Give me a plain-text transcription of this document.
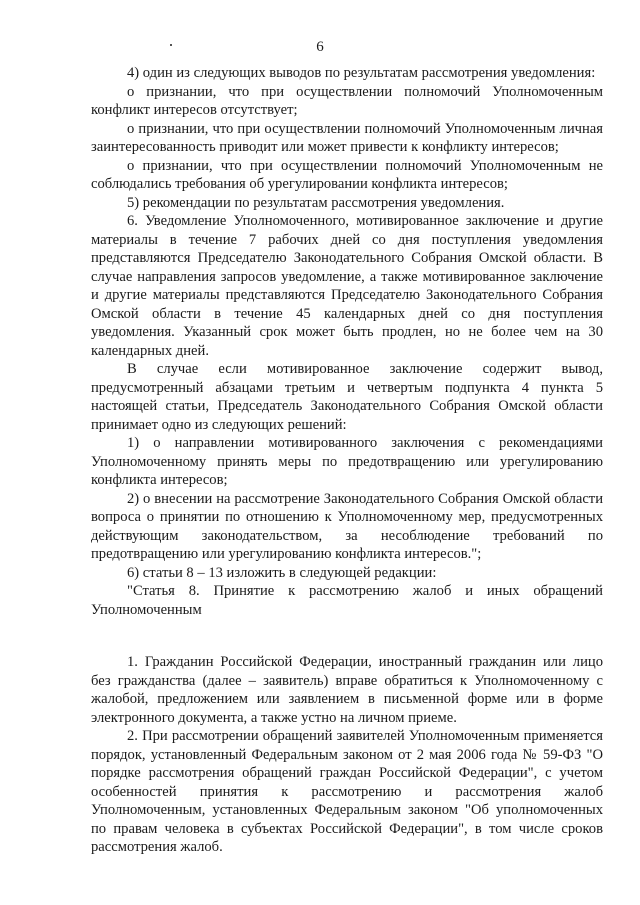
6

4) один из следующих выводов по результатам рассмотрения уведомления:

о признании, что при осуществлении полномочий Уполномоченным конфликт интересов отсутствует;

о признании, что при осуществлении полномочий Уполномоченным личная заинтересованность приводит или может привести к конфликту интересов;

о признании, что при осуществлении полномочий Уполномоченным не соблюдались требования об урегулировании конфликта интересов;

5) рекомендации по результатам рассмотрения уведомления.

6. Уведомление Уполномоченного, мотивированное заключение и другие материалы в течение 7 рабочих дней со дня поступления уведомления представляются Председателю Законодательного Собрания Омской области. В случае направления запросов уведомление, а также мотивированное заключение и другие материалы представляются Председателю Законодательного Собрания Омской области в течение 45 календарных дней со дня поступления уведомления. Указанный срок может быть продлен, но не более чем на 30 календарных дней.

В случае если мотивированное заключение содержит вывод, предусмотренный абзацами третьим и четвертым подпункта 4 пункта 5 настоящей статьи, Председатель Законодательного Собрания Омской области принимает одно из следующих решений:

1) о направлении мотивированного заключения с рекомендациями Уполномоченному принять меры по предотвращению или урегулированию конфликта интересов;

2) о внесении на рассмотрение Законодательного Собрания Омской области вопроса о принятии по отношению к Уполномоченному мер, предусмотренных действующим законодательством, за несоблюдение требований по предотвращению или урегулированию конфликта интересов.";

6) статьи 8 – 13 изложить в следующей редакции:

"Статья 8. Принятие к рассмотрению жалоб и иных обращений Уполномоченным

1. Гражданин Российской Федерации, иностранный гражданин или лицо без гражданства (далее – заявитель) вправе обратиться к Уполномоченному с жалобой, предложением или заявлением в письменной форме или в форме электронного документа, а также устно на личном приеме.

2. При рассмотрении обращений заявителей Уполномоченным применяется порядок, установленный Федеральным законом от 2 мая 2006 года № 59-ФЗ "О порядке рассмотрения обращений граждан Российской Федерации", с учетом особенностей принятия к рассмотрению и рассмотрения жалоб Уполномоченным, установленных Федеральным законом "Об уполномоченных по правам человека в субъектах Российской Федерации", в том числе сроков рассмотрения жалоб.
